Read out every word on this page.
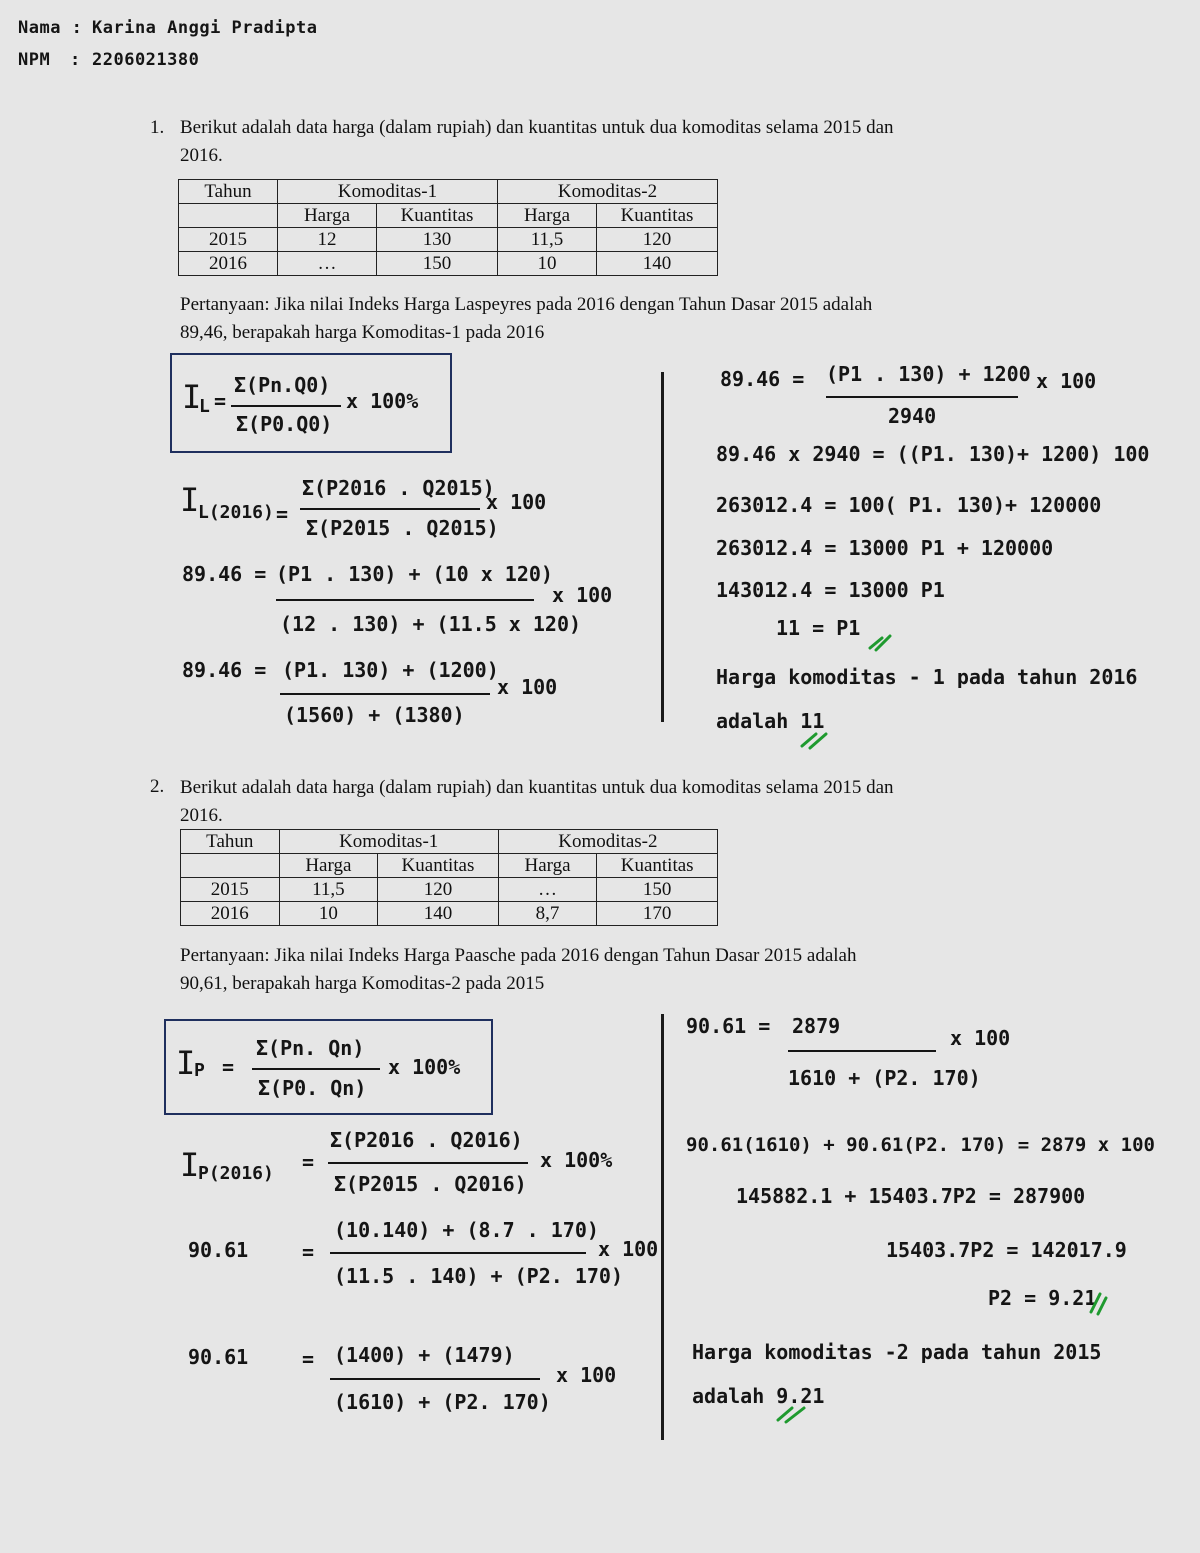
Nama : Karina Anggi Pradipta
NPM : 2206021380
1. Berikut adalah data harga (dalam rupiah) dan kuantitas untuk dua komoditas selama 2015 dan 2016.
Tahun	Komoditas-1		Komoditas-2	
	Harga	Kuantitas	Harga	Kuantitas
2015	12	130	11,5	120
2016	…	150	10	140
Pertanyaan: Jika nilai Indeks Harga Laspeyres pada 2016 dengan Tahun Dasar 2015 adalah 89,46, berapakah harga Komoditas-1 pada 2016
I
L =
Σ(Pn.Q0)
Σ(P0.Q0)
x 100%
I
L(2016) =
Σ(P2016 . Q2015)
Σ(P2015 . Q2015)
x 100
89.46 = (P1 . 130) + (10 x 120)
(12 . 130) + (11.5 x 120)
x 100
89.46 = (P1. 130) + (1200)
(1560) + (1380)
x 100
89.46 = (P1 . 130) + 1200
2940
x 100
89.46 x 2940 = ((P1. 130)+ 1200) 100
263012.4 = 100( P1. 130)+ 120000
263012.4 = 13000 P1 + 120000
143012.4 = 13000 P1
11 = P1
Harga komoditas - 1 pada tahun 2016
adalah 11
2. Berikut adalah data harga (dalam rupiah) dan kuantitas untuk dua komoditas selama 2015 dan 2016.
Tahun	Komoditas-1		Komoditas-2	
	Harga	Kuantitas	Harga	Kuantitas
2015	11,5	120	…	150
2016	10	140	8,7	170
Pertanyaan: Jika nilai Indeks Harga Paasche pada 2016 dengan Tahun Dasar 2015 adalah 90,61, berapakah harga Komoditas-2 pada 2015
I
P =
Σ(Pn. Qn)
Σ(P0. Qn)
x 100%
I
P(2016) =
Σ(P2016 . Q2016)
Σ(P2015 . Q2016)
x 100%
90.61	=
(10.140) + (8.7 . 170)
(11.5 . 140) + (P2. 170)
x 100
90.61	= (1400) + (1479)
(1610) + (P2. 170)
x 100
90.61 = 2879
1610 + (P2. 170)
x 100
90.61(1610) + 90.61(P2. 170) = 2879 x 100
145882.1 + 15403.7P2 = 287900
15403.7P2 = 142017.9
P2 = 9.21
Harga komoditas -2 pada tahun 2015
adalah 9.21
